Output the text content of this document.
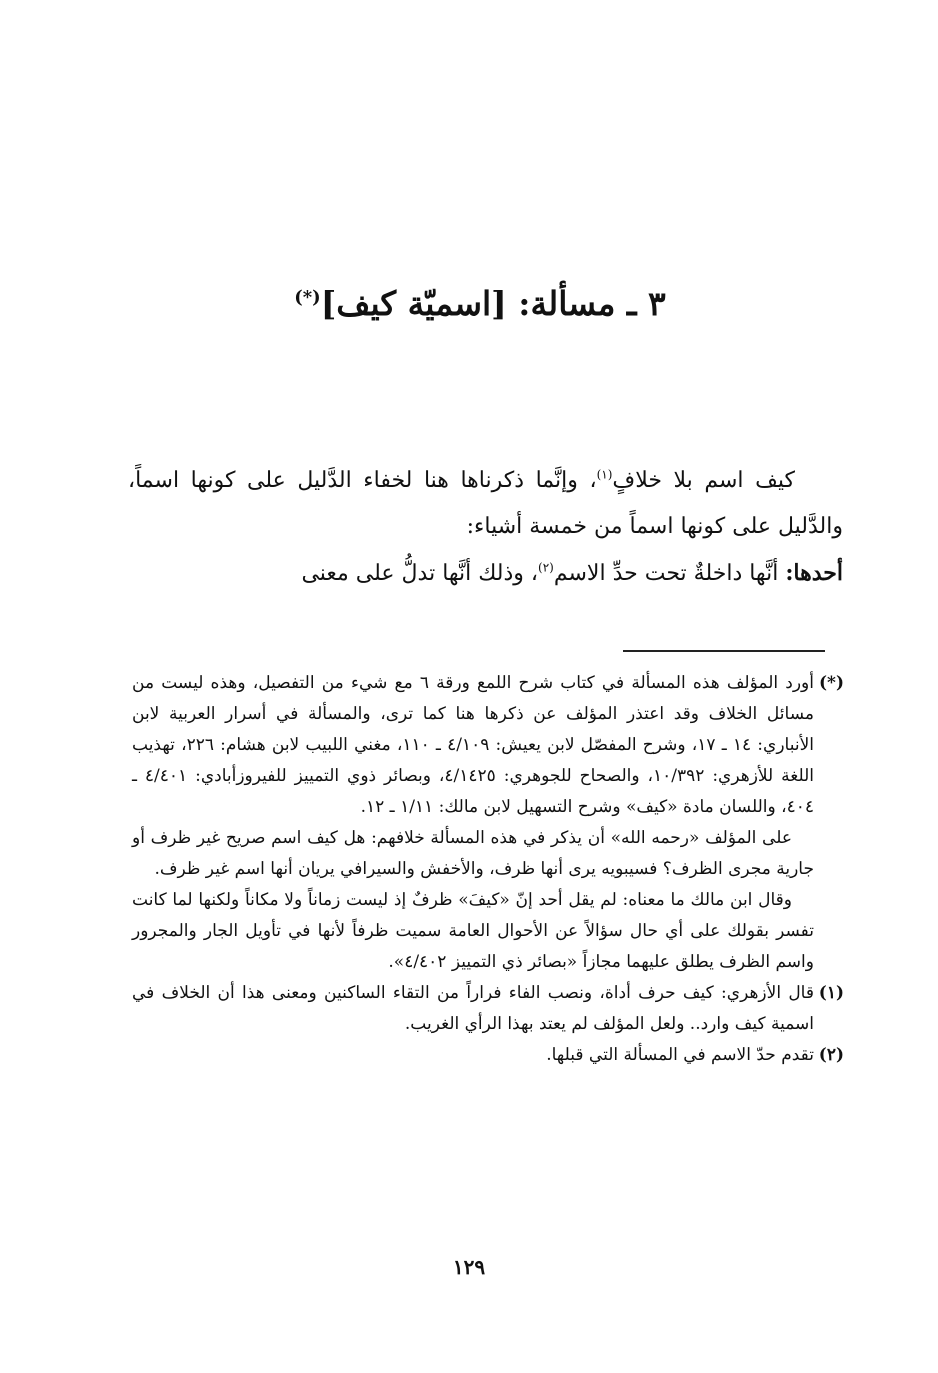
٣ ـ مسألة: [اسميّة كيف](*)

كيف اسم بلا خلافٍ$^{(١)}$، وإنَّما ذكرناها هنا لخفاء الدَّليل على كونها اسماً، والدَّليل على كونها اسماً من خمسة أشياء:

أحدها: أنَّها داخلةٌ تحت حدِّ الاسم$^{(٢)}$، وذلك أنَّها تدلُّ على معنى

(*)

أورد المؤلف هذه المسألة في كتاب شرح اللمع ورقة ٦ مع شيء من التفصيل، وهذه ليست من مسائل الخلاف وقد اعتذر المؤلف عن ذكرها هنا كما ترى، والمسألة في أسرار العربية لابن الأنباري: ١٤ ـ ١٧، وشرح المفصّل لابن يعيش: ٤/١٠٩ ـ ١١٠، مغني اللبيب لابن هشام: ٢٢٦، تهذيب اللغة للأزهري: ١٠/٣٩٢، والصحاح للجوهري: ٤/١٤٢٥، وبصائر ذوي التمييز للفيروزأبادي: ٤/٤٠١ ـ ٤٠٤، واللسان مادة «كيف» وشرح التسهيل لابن مالك: ١/١١ ـ ١٢.

على المؤلف «رحمه الله» أن يذكر في هذه المسألة خلافهم: هل كيف اسم صريح غير ظرف أو جارية مجرى الظرف؟ فسيبويه يرى أنها ظرف، والأخفش والسيرافي يريان أنها اسم غير ظرف.

وقال ابن مالك ما معناه: لم يقل أحد إنّ «كيفَ» ظرفٌ إذ ليست زماناً ولا مكاناً ولكنها لما كانت تفسر بقولك على أي حال سؤالاً عن الأحوال العامة سميت ظرفاً لأنها في تأويل الجار والمجرور واسم الظرف يطلق عليهما مجازاً «بصائر ذي التمييز ٤/٤٠٢».

(١)

قال الأزهري: كيف حرف أداة، ونصب الفاء فراراً من التقاء الساكنين ومعنى هذا أن الخلاف في اسمية كيف وارد.. ولعل المؤلف لم يعتد بهذا الرأي الغريب.

(٢)

تقدم حدّ الاسم في المسألة التي قبلها.

١٢٩
